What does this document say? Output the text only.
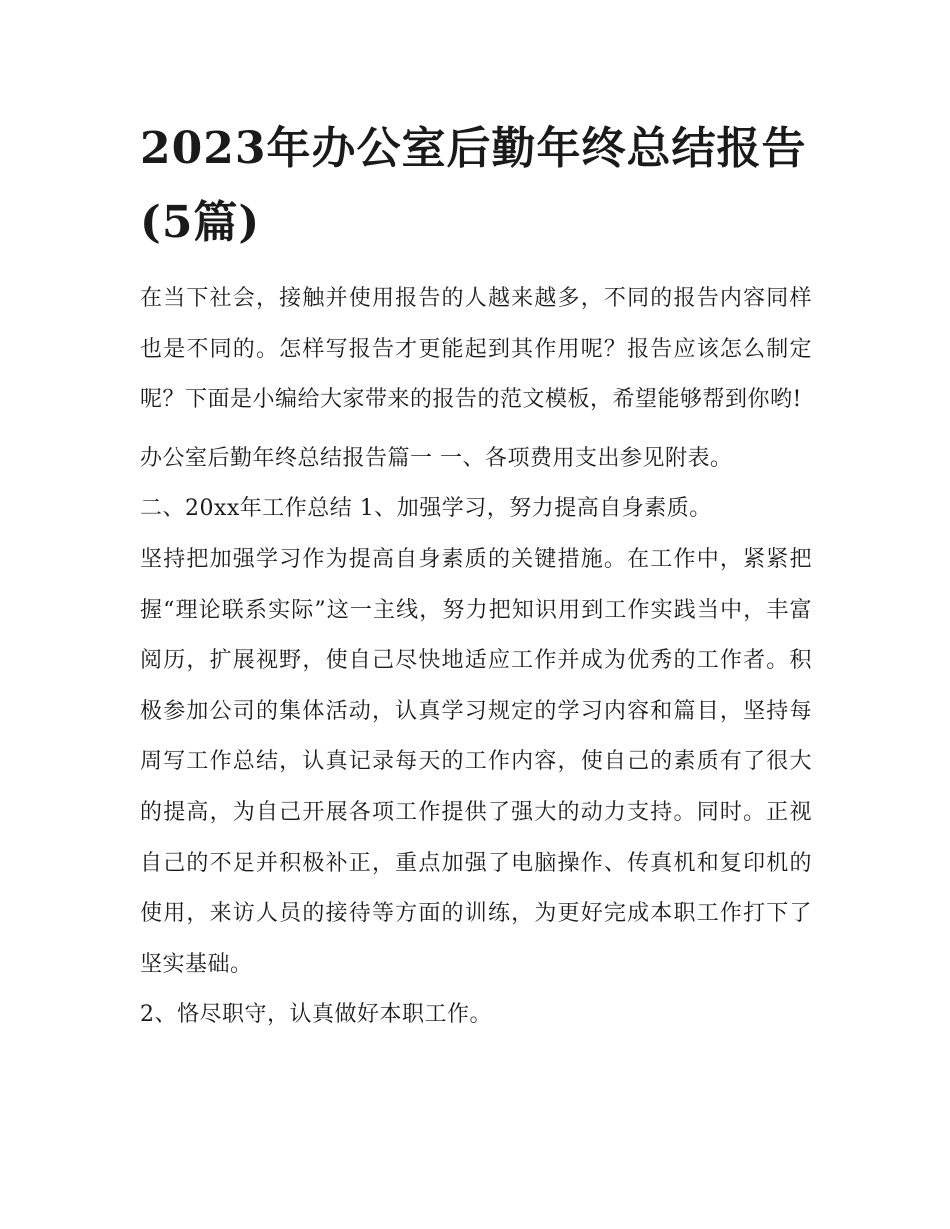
2023年办公室后勤年终总结报告(5篇)

在当下社会，接触并使用报告的人越来越多，不同的报告内容同样也是不同的。怎样写报告才更能起到其作用呢？报告应该怎么制定呢？下面是小编给大家带来的报告的范文模板，希望能够帮到你哟!

办公室后勤年终总结报告篇一 一、各项费用支出参见附表。

二、20xx年工作总结 1、加强学习，努力提高自身素质。

坚持把加强学习作为提高自身素质的关键措施。在工作中，紧紧把握“理论联系实际”这一主线，努力把知识用到工作实践当中，丰富阅历，扩展视野，使自己尽快地适应工作并成为优秀的工作者。积极参加公司的集体活动，认真学习规定的学习内容和篇目，坚持每周写工作总结，认真记录每天的工作内容，使自己的素质有了很大的提高，为自己开展各项工作提供了强大的动力支持。同时。正视自己的不足并积极补正，重点加强了电脑操作、传真机和复印机的使用，来访人员的接待等方面的训练，为更好完成本职工作打下了坚实基础。

2、恪尽职守，认真做好本职工作。
